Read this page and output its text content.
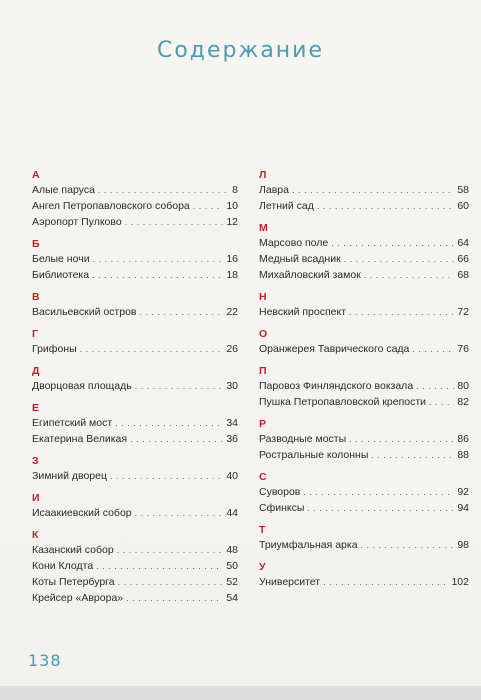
Содержание
А
Алые паруса . . .	8
Ангел Петропавловского собора . . .	10
Аэропорт Пулково . . .	12
Б
Белые ночи . . .	16
Библиотека . . .	18
В
Васильевский остров . . .	22
Г
Грифоны . . .	26
Д
Дворцовая площадь . . .	30
Е
Египетский мост . . .	34
Екатерина Великая . . .	36
З
Зимний дворец . . .	40
И
Исаакиевский собор . . .	44
К
Казанский собор . . .	48
Кони Клодта . . .	50
Коты Петербурга . . .	52
Крейсер «Аврора» . . .	54
Л
Лавра . . .	58
Летний сад . . .	60
М
Марсово поле . . .	64
Медный всадник . . .	66
Михайловский замок . . .	68
Н
Невский проспект . . .	72
О
Оранжерея Таврического сада . . .	76
П
Паровоз Финляндского вокзала . . .	80
Пушка Петропавловской крепости . . .	82
Р
Разводные мосты . . .	86
Ростральные колонны . . .	88
С
Суворов . . .	92
Сфинксы . . .	94
Т
Триумфальная арка . . .	98
У
Университет . . .	102
138
